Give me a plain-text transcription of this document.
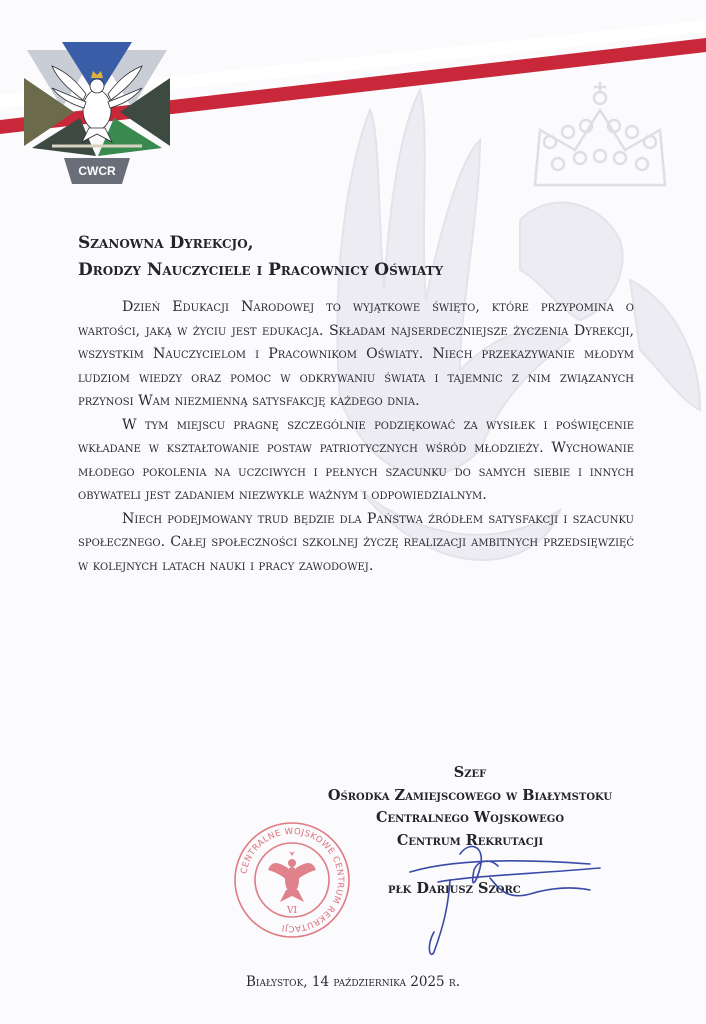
CWCR
Szanowna Dyrekcjo,
Drodzy Nauczyciele i Pracownicy Oświaty

Dzień Edukacji Narodowej to wyjątkowe święto, które przypomina o wartości, jaką w życiu jest edukacja. Składam najserdeczniejsze życzenia Dyrekcji, wszystkim Nauczycielom i Pracownikom Oświaty. Niech przekazywanie młodym ludziom wiedzy oraz pomoc w odkrywaniu świata i tajemnic z nim związanych przynosi Wam niezmienną satysfakcję każdego dnia.

W tym miejscu pragnę szczególnie podziękować za wysiłek i poświęcenie wkładane w kształtowanie postaw patriotycznych wśród młodzieży. Wychowanie młodego pokolenia na uczciwych i pełnych szacunku do samych siebie i innych obywateli jest zadaniem niezwykle ważnym i odpowiedzialnym.

Niech podejmowany trud będzie dla Państwa źródłem satysfakcji i szacunku społecznego. Całej społeczności szkolnej życzę realizacji ambitnych przedsięwzięć w kolejnych latach nauki i pracy zawodowej.

CENTRALNE WOJSKOWE CENTRUM REKRUTACJI
VI
Szef
Ośrodka Zamiejscowego w Białymstoku
Centralnego Wojskowego
Centrum Rekrutacji
płk Dariusz Szorc
Białystok, 14 października 2025 r.
